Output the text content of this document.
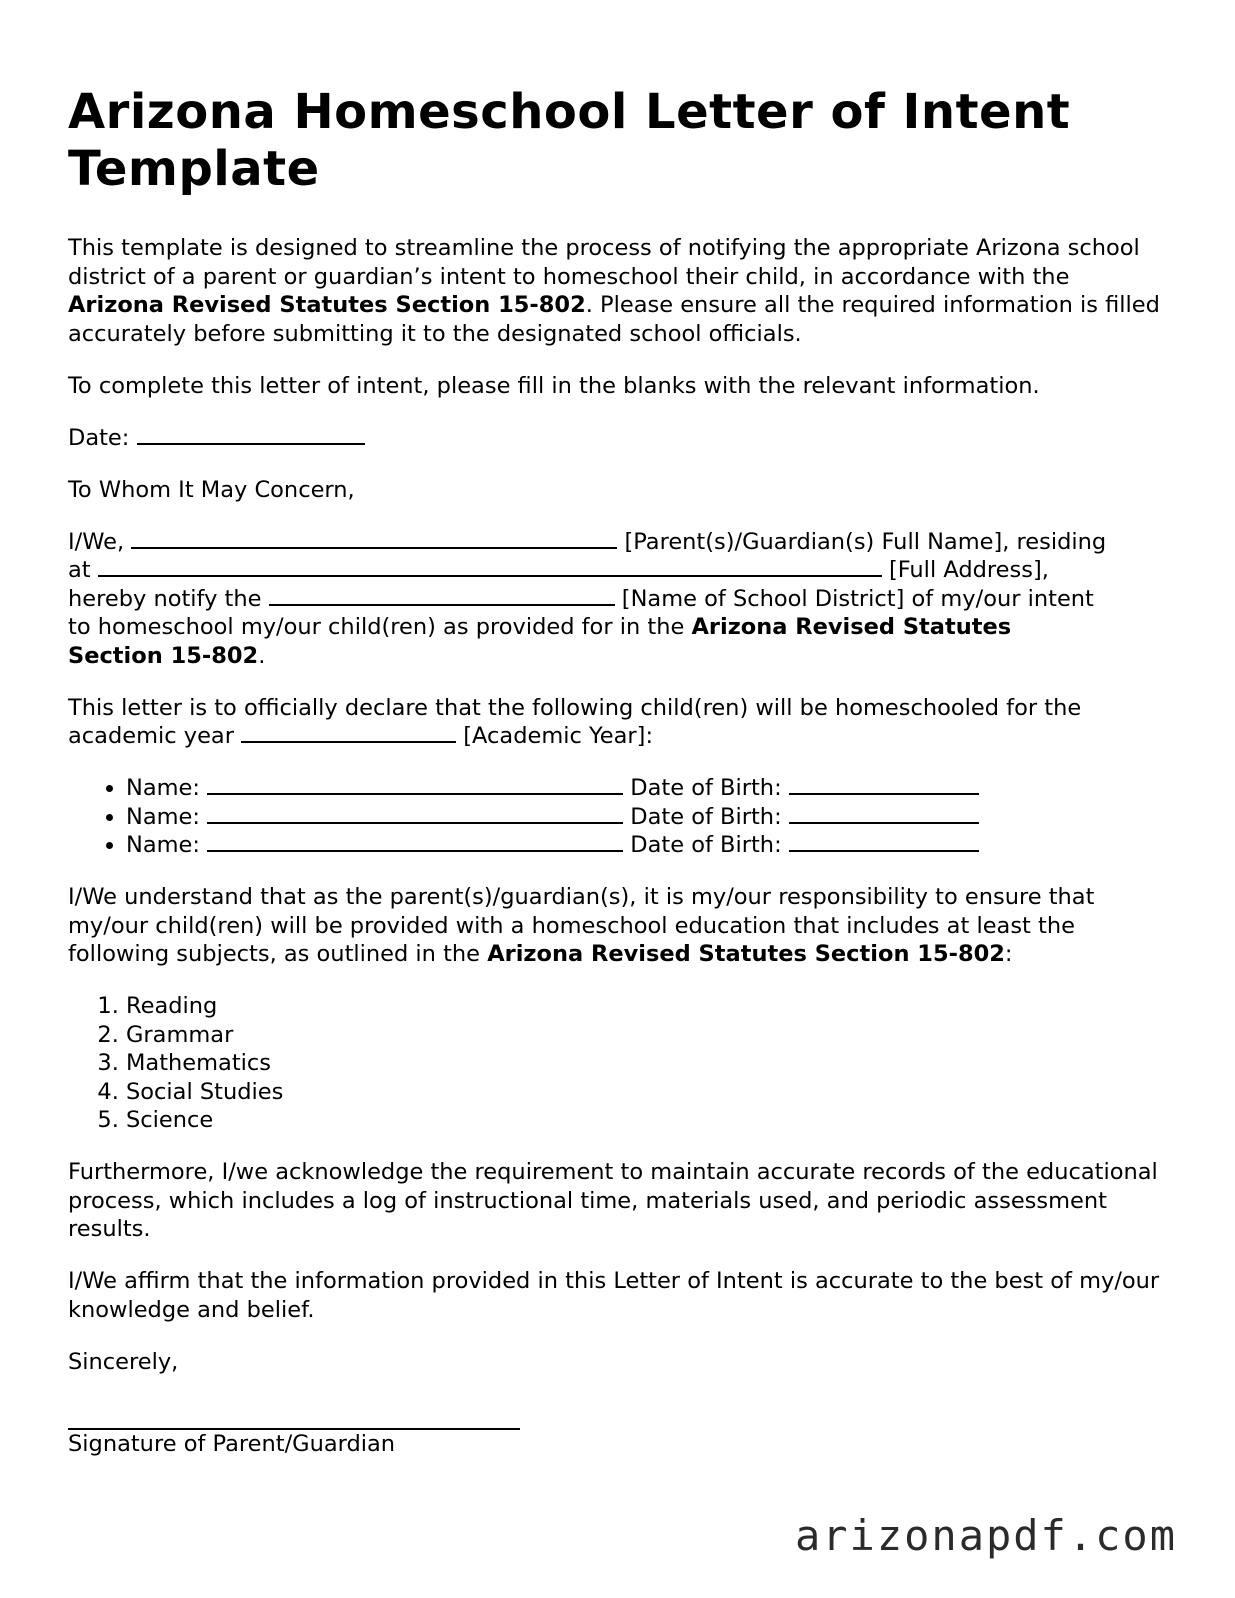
Arizona Homeschool Letter of Intent Template

This template is designed to streamline the process of notifying the appropriate Arizona school district of a parent or guardian’s intent to homeschool their child, in accordance with the Arizona Revised Statutes Section 15-802. Please ensure all the required information is filled accurately before submitting it to the designated school officials.

To complete this letter of intent, please fill in the blanks with the relevant information.

Date:

To Whom It May Concern,

I/We,	[Parent(s)/Guardian(s) Full Name], residing
at	[Full Address],
hereby notify the	[Name of School District] of my/our intent
to homeschool my/our child(ren) as provided for in the Arizona Revised Statutes
Section 15-802.

This letter is to officially declare that the following child(ren) will be homeschooled for the academic year	[Academic Year]:

• Name:	Date of Birth:
• Name:	Date of Birth:
• Name:	Date of Birth:

I/We understand that as the parent(s)/guardian(s), it is my/our responsibility to ensure that my/our child(ren) will be provided with a homeschool education that includes at least the following subjects, as outlined in the Arizona Revised Statutes Section 15-802:

1. Reading
2. Grammar
3. Mathematics
4. Social Studies
5. Science

Furthermore, I/we acknowledge the requirement to maintain accurate records of the educational process, which includes a log of instructional time, materials used, and periodic assessment results.

I/We affirm that the information provided in this Letter of Intent is accurate to the best of my/our knowledge and belief.

Sincerely,

Signature of Parent/Guardian
arizonapdf.com
